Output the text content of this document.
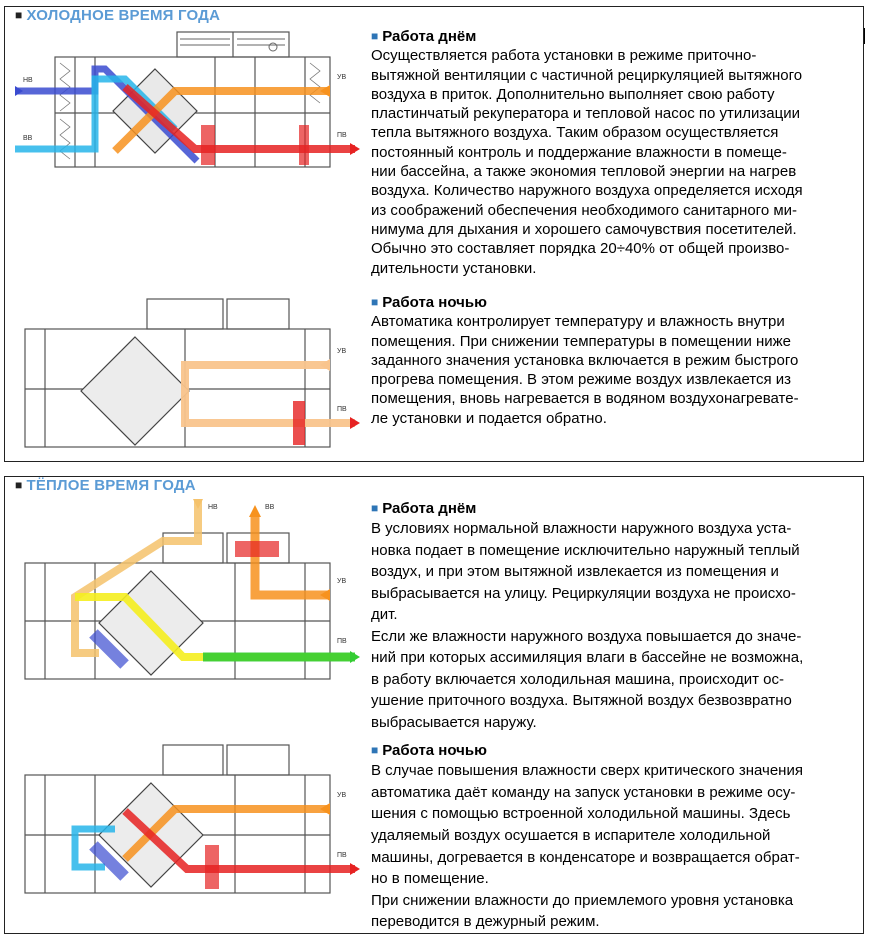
■ ХОЛОДНОЕ ВРЕМЯ ГОДА
НВ
ВВ
УВ
ПВ
УВ
ПВ
■ Работа днём
Осуществляется работа установки в режиме приточно-
вытяжной вентиляции с частичной рециркуляцией вытяжного
воздуха в приток. Дополнительно выполняет свою работу
пластинчатый рекуператора и тепловой насос по утилизации
тепла вытяжного воздуха. Таким образом осуществляется
постоянный контроль и поддержание влажности в помеще-
нии бассейна, а также экономия тепловой энергии на нагрев
воздуха. Количество наружного воздуха определяется исходя
из соображений обеспечения необходимого санитарного ми-
нимума для дыхания и хорошего самочувствия посетителей.
Обычно это составляет порядка 20÷40% от общей произво-
дительности установки.
■ Работа ночью
Автоматика контролирует температуру и влажность внутри
помещения. При снижении температуры в помещении ниже
заданного значения установка включается в режим быстрого
прогрева помещения. В этом режиме воздух извлекается из
помещения, вновь нагревается в водяном воздухонагревате-
ле установки и подается обратно.
■ ТЁПЛОЕ ВРЕМЯ ГОДА
НВ	ВВ
УВ
ПВ
УВ
ПВ
■ Работа днём
В условиях нормальной влажности наружного воздуха уста-
новка подает в помещение исключительно наружный теплый
воздух, и при этом вытяжной извлекается из помещения и
выбрасывается на улицу. Рециркуляции воздуха не происхо-
дит.
Если же влажности наружного воздуха повышается до значе-
ний при которых ассимиляция влаги в бассейне не возможна,
в работу включается холодильная машина, происходит ос-
ушение приточного воздуха. Вытяжной воздух безвозвратно
выбрасывается наружу.
■ Работа ночью
В случае повышения влажности сверх критического значения
автоматика даёт команду на запуск установки в режиме осу-
шения с помощью встроенной холодильной машины. Здесь
удаляемый воздух осушается в испарителе холодильной
машины, догревается в конденсаторе и возвращается обрат-
но в помещение.
При снижении влажности до приемлемого уровня установка
переводится в дежурный режим.
